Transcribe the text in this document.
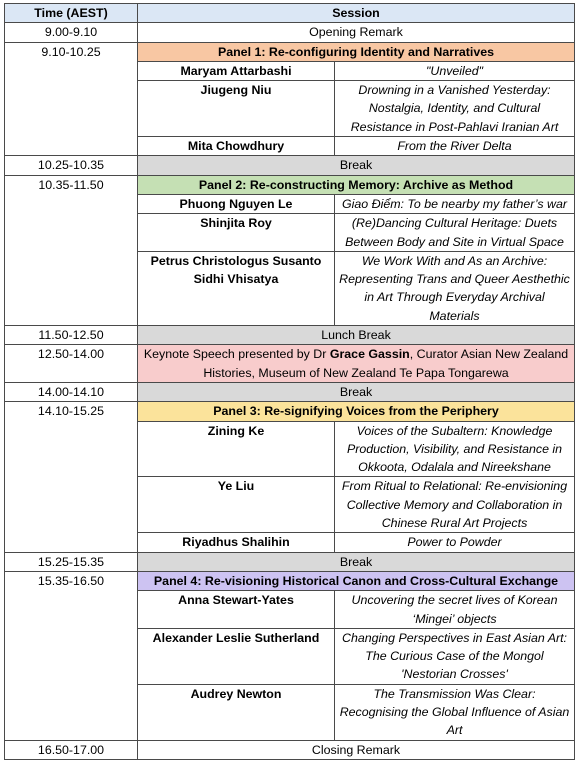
Time (AEST)	Session	
9.00-9.10	Opening Remark	
9.10-10.25	Panel 1: Re-configuring Identity and Narratives	
	Maryam Attarbashi	"Unveiled"
	Jiugeng Niu	Drowning in a Vanished Yesterday: Nostalgia, Identity, and Cultural Resistance in Post-Pahlavi Iranian Art
	Mita Chowdhury	From the River Delta
10.25-10.35	Break	
10.35-11.50	Panel 2: Re-constructing Memory: Archive as Method	
	Phuong Nguyen Le	Giao Điểm: To be nearby my father’s war
	Shinjita Roy	(Re)Dancing Cultural Heritage: Duets Between Body and Site in Virtual Space
	Petrus Christologus Susanto Sidhi Vhisatya	We Work With and As an Archive: Representing Trans and Queer Aesthethic in Art Through Everyday Archival Materials
11.50-12.50	Lunch Break	
12.50-14.00	Keynote Speech presented by Dr Grace Gassin, Curator Asian New Zealand Histories, Museum of New Zealand Te Papa Tongarewa	
14.00-14.10	Break	
14.10-15.25	Panel 3: Re-signifying Voices from the Periphery	
	Zining Ke	Voices of the Subaltern: Knowledge Production, Visibility, and Resistance in Okkoota, Odalala and Nireekshane
	Ye Liu	From Ritual to Relational: Re-envisioning Collective Memory and Collaboration in Chinese Rural Art Projects
	Riyadhus Shalihin	Power to Powder
15.25-15.35	Break	
15.35-16.50	Panel 4: Re-visioning Historical Canon and Cross-Cultural Exchange	
	Anna Stewart-Yates	Uncovering the secret lives of Korean ‘Mingei’ objects
	Alexander Leslie Sutherland	Changing Perspectives in East Asian Art: The Curious Case of the Mongol 'Nestorian Crosses'
	Audrey Newton	The Transmission Was Clear: Recognising the Global Influence of Asian Art
16.50-17.00	Closing Remark	
